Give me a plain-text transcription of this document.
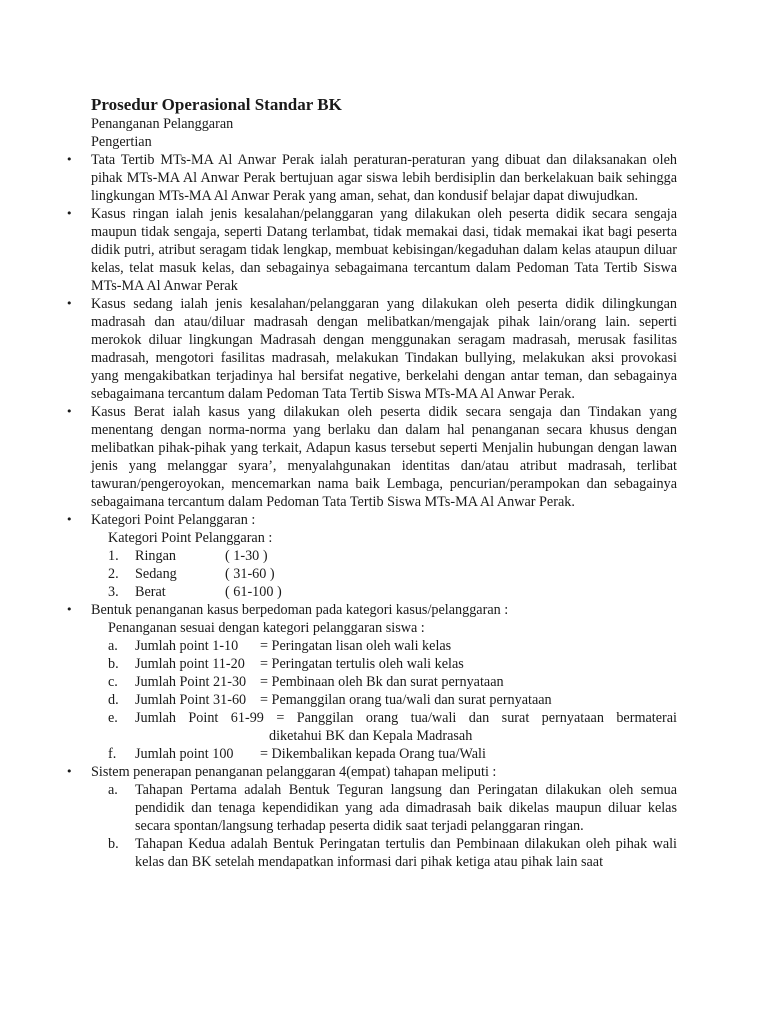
Prosedur Operasional Standar BK

Penanganan Pelanggaran

Pengertian

• Tata Tertib MTs-MA Al Anwar Perak ialah peraturan-peraturan yang dibuat dan dilaksanakan oleh pihak MTs-MA Al Anwar Perak bertujuan agar siswa lebih berdisiplin dan berkelakuan baik sehingga lingkungan MTs-MA Al Anwar Perak yang aman, sehat, dan kondusif belajar dapat diwujudkan.
• Kasus ringan ialah jenis kesalahan/pelanggaran yang dilakukan oleh peserta didik secara sengaja maupun tidak sengaja, seperti Datang terlambat, tidak memakai dasi, tidak memakai ikat bagi peserta didik putri, atribut seragam tidak lengkap, membuat kebisingan/kegaduhan dalam kelas ataupun diluar kelas, telat masuk kelas, dan sebagainya sebagaimana tercantum dalam Pedoman Tata Tertib Siswa MTs-MA Al Anwar Perak
• Kasus sedang ialah jenis kesalahan/pelanggaran yang dilakukan oleh peserta didik dilingkungan madrasah dan atau/diluar madrasah dengan melibatkan/mengajak pihak lain/orang lain. seperti merokok diluar lingkungan Madrasah dengan menggunakan seragam madrasah, merusak fasilitas madrasah, mengotori fasilitas madrasah, melakukan Tindakan bullying, melakukan aksi provokasi yang mengakibatkan terjadinya hal bersifat negative, berkelahi dengan antar teman, dan sebagainya sebagaimana tercantum dalam Pedoman Tata Tertib Siswa MTs-MA Al Anwar Perak.
• Kasus Berat ialah kasus yang dilakukan oleh peserta didik secara sengaja dan Tindakan yang menentang dengan norma-norma yang berlaku dan dalam hal penanganan secara khusus dengan melibatkan pihak-pihak yang terkait, Adapun kasus tersebut seperti Menjalin hubungan dengan lawan jenis yang melanggar syara’, menyalahgunakan identitas dan/atau atribut madrasah, terlibat tawuran/pengeroyokan, mencemarkan nama baik Lembaga, pencurian/perampokan dan sebagainya sebagaimana tercantum dalam Pedoman Tata Tertib Siswa MTs-MA Al Anwar Perak.
• Kategori Point Pelanggaran :
Kategori Point Pelanggaran :
1. Ringan	( 1-30 )
2. Sedang	( 31-60 )
3. Berat	( 61-100 )
• Bentuk penanganan kasus berpedoman pada kategori kasus/pelanggaran :
Penanganan sesuai dengan kategori pelanggaran siswa :
a. Jumlah point 1-10 = Peringatan lisan oleh wali kelas
b. Jumlah point 11-20 = Peringatan tertulis oleh wali kelas
c. Jumlah Point 21-30 = Pembinaan oleh Bk dan surat pernyataan
d. Jumlah Point 31-60 = Pemanggilan orang tua/wali dan surat pernyataan
e. Jumlah Point 61-99 = Panggilan orang tua/wali dan surat pernyataan bermaterai
diketahui BK dan Kepala Madrasah
f. Jumlah point 100 = Dikembalikan kepada Orang tua/Wali
• Sistem penerapan penanganan pelanggaran 4(empat) tahapan meliputi :
a. Tahapan Pertama adalah Bentuk Teguran langsung dan Peringatan dilakukan oleh semua pendidik dan tenaga kependidikan yang ada dimadrasah baik dikelas maupun diluar kelas secara spontan/langsung terhadap peserta didik saat terjadi pelanggaran ringan.
b. Tahapan Kedua adalah Bentuk Peringatan tertulis dan Pembinaan dilakukan oleh pihak wali kelas dan BK setelah mendapatkan informasi dari pihak ketiga atau pihak lain saat
